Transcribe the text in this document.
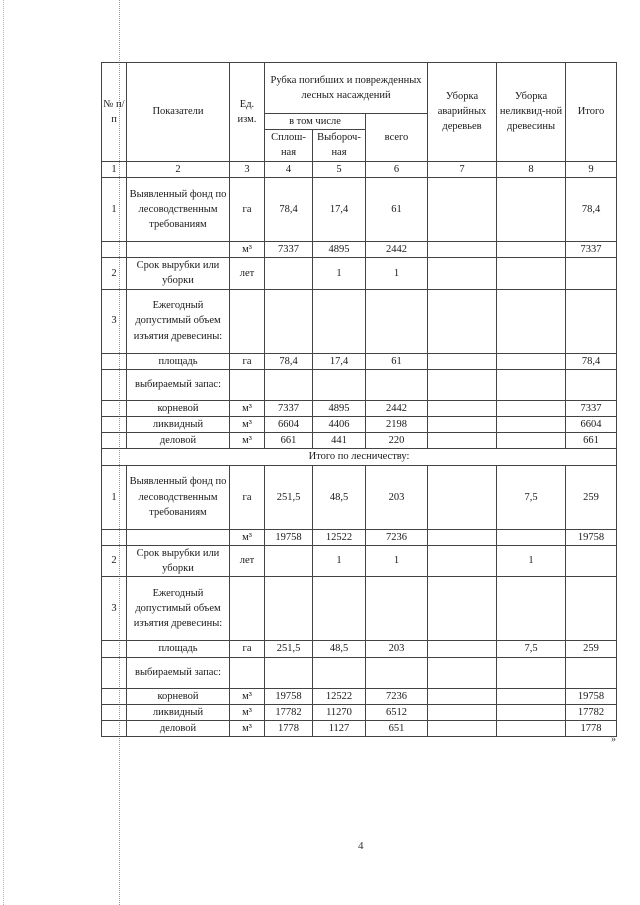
№ п/п	Показатели	Ед. изм.	Рубка погибших и поврежденных лесных насаждений			Уборка аварийных деревьев	Уборка неликвид-ной древесины	Итого
			в том числе		всего			
			Сплош-ная	Выбороч-ная				
1	2	3	4	5	6	7	8	9
1	Выявленный фонд по лесоводственным требованиям	га	78,4	17,4	61			78,4
		м³	7337	4895	2442			7337
2	Срок вырубки или уборки	лет		1	1			
3	Ежегодный допустимый объем изъятия древесины:							
	площадь	га	78,4	17,4	61			78,4
	выбираемый запас:							
	корневой	м³	7337	4895	2442			7337
	ликвидный	м³	6604	4406	2198			6604
	деловой	м³	661	441	220			661
Итого по лесничеству:								
1	Выявленный фонд по лесоводственным требованиям	га	251,5	48,5	203		7,5	259
		м³	19758	12522	7236			19758
2	Срок вырубки или уборки	лет		1	1		1	
3	Ежегодный допустимый объем изъятия древесины:							
	площадь	га	251,5	48,5	203		7,5	259
	выбираемый запас:							
	корневой	м³	19758	12522	7236			19758
	ликвидный	м³	17782	11270	6512			17782
	деловой	м³	1778	1127	651			1778
»
4
